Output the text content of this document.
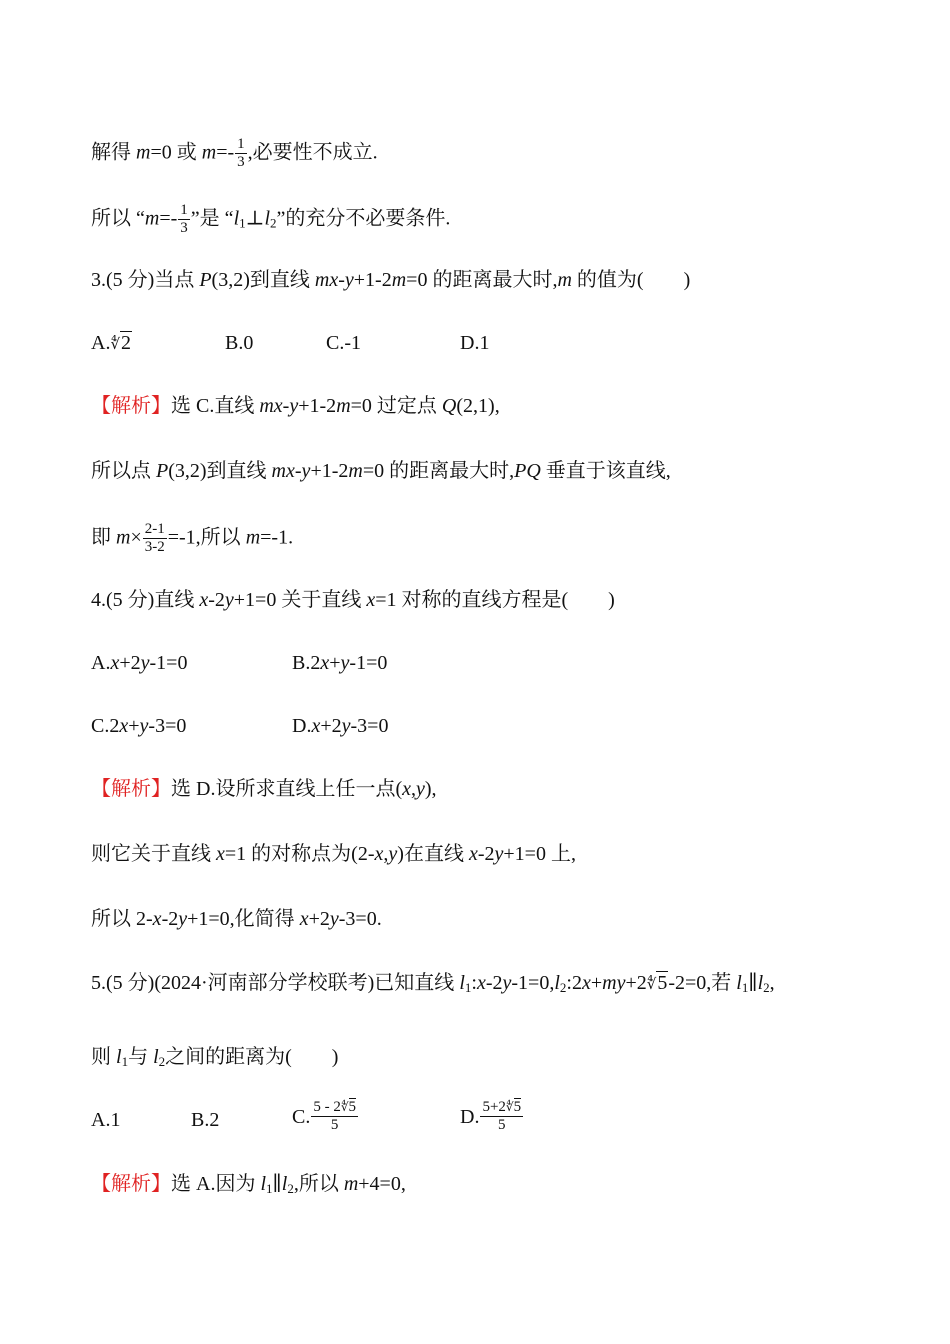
解得 m=0 或 $m=- \frac{1}{3}$ ,必要性不成立.
所以 “$m=- \frac{1}{3}$ ”是 “$l_1\perp l_2$”的充分不必要条件.
3.(5 分)当点 P(3,2)到直线 mx-y+1-2m=0 的距离最大时,m 的值为(　　)
A.∜2	B.0	C.-1	D.1
【解析】选 C.直线 mx-y+1-2m=0 过定点 Q(2,1),
所以点 P(3,2)到直线 mx-y+1-2m=0 的距离最大时,PQ 垂直于该直线,
即 $m\times \frac{2-1}{3-2} =-1$,所以 m=-1.
4.(5 分)直线 x-2y+1=0 关于直线 x=1 对称的直线方程是(　　)
A.x+2y-1=0	B.2x+y-1=0
C.2x+y-3=0	D.x+2y-3=0
【解析】选 D.设所求直线上任一点(x,y),
则它关于直线 x=1 的对称点为(2-x,y)在直线 x-2y+1=0 上,
所以 2-x-2y+1=0,化简得 x+2y-3=0.
5.(5 分)(2024·河南部分学校联考)已知直线 $l_1:x-2y-1=0,l_2:2x+my+2∜5-2=0$,若 $l_1\parallel l_2$,
则 $l_1$与 $l_2$之间的距离为(　　)
A.1	B.2	C. $\frac{5 - 2∜5}{5}$	D. $\frac{5+2∜5}{5}$
【解析】选 A.因为 $l_1\parallel l_2$,所以 m+4=0,
